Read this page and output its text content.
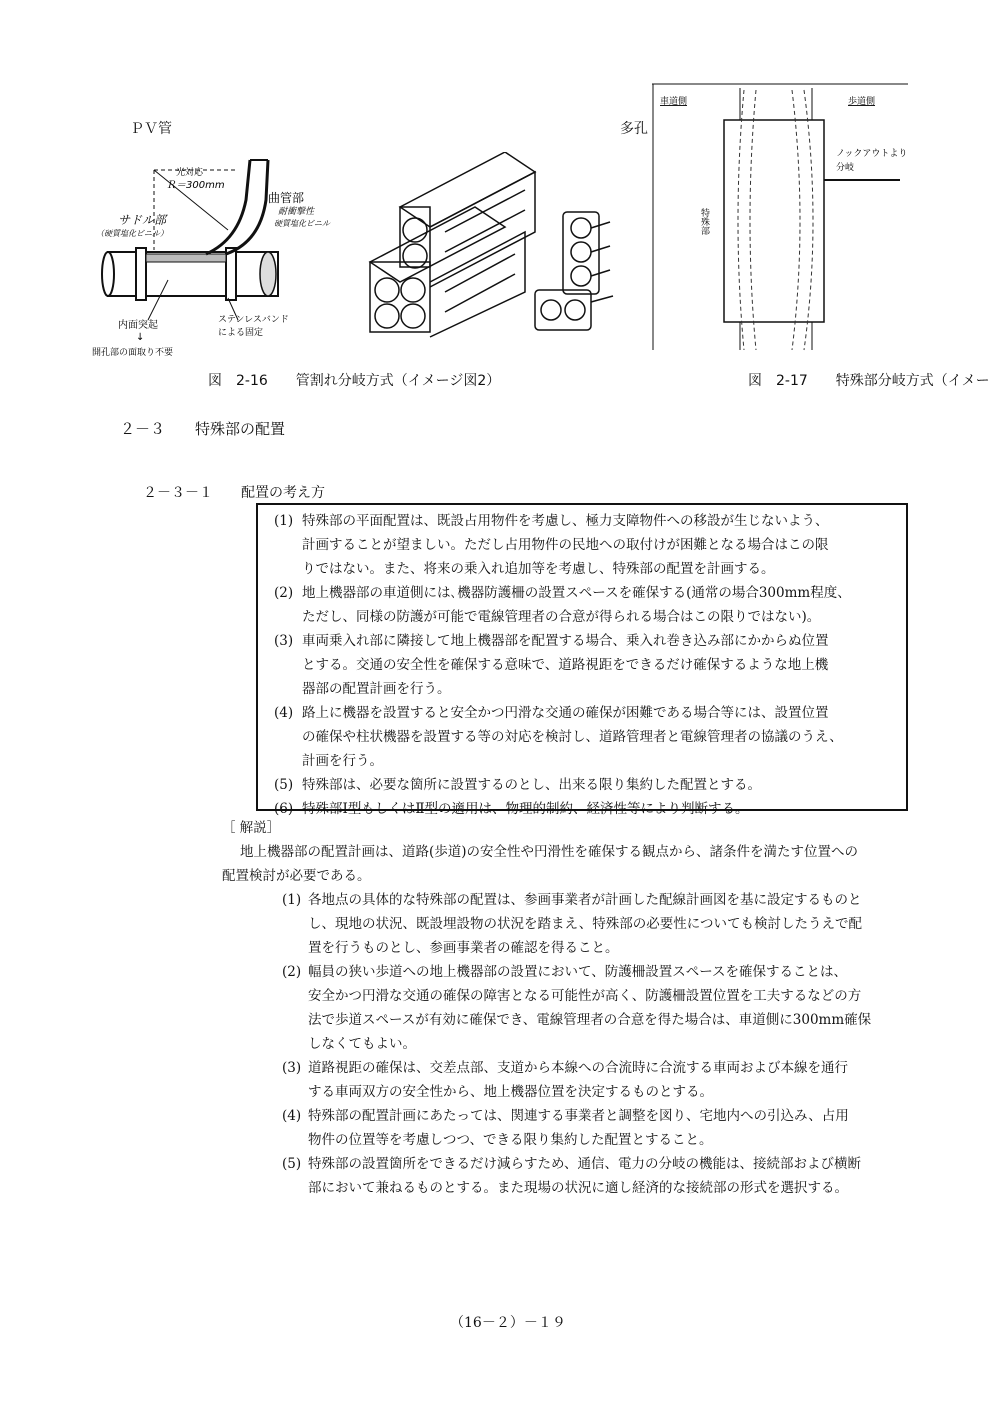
ＰＶ管	多孔
光対応
Ｒ＝300mm
曲管部
耐衝撃性
硬質塩化ビニル
サドル部
（硬質塩化ビニル）
内面突起
↓
開孔部の面取り不要
ステンレスバンド
による固定
車道側	歩道側
ノックアウトより
分岐
特殊部
図　2-16　　管割れ分岐方式（イメージ図2）	図　2-17　　特殊部分岐方式（イメー
２－３　　特殊部の配置
２－３－１　　配置の考え方
(1) 特殊部の平面配置は、既設占用物件を考慮し、極力支障物件への移設が生じないよう、
計画することが望ましい。ただし占用物件の民地への取付けが困難となる場合はこの限
りではない。また、将来の乗入れ追加等を考慮し、特殊部の配置を計画する。
(2) 地上機器部の車道側には､機器防護柵の設置スペースを確保する(通常の場合300mm程度、
ただし、同様の防護が可能で電線管理者の合意が得られる場合はこの限りではない)。
(3) 車両乗入れ部に隣接して地上機器部を配置する場合、乗入れ巻き込み部にかからぬ位置
とする。交通の安全性を確保する意味で、道路視距をできるだけ確保するような地上機
器部の配置計画を行う。
(4) 路上に機器を設置すると安全かつ円滑な交通の確保が困難である場合等には、設置位置
の確保や柱状機器を設置する等の対応を検討し、道路管理者と電線管理者の協議のうえ、
計画を行う。
(5) 特殊部は、必要な箇所に設置するのとし、出来る限り集約した配置とする。
(6) 特殊部Ⅰ型もしくはⅡ型の適用は、物理的制約、経済性等により判断する。
［ 解説］
地上機器部の配置計画は、道路(歩道)の安全性や円滑性を確保する観点から、諸条件を満たす位置への
配置検討が必要である。
(1) 各地点の具体的な特殊部の配置は、参画事業者が計画した配線計画図を基に設定するものと
し、現地の状況、既設埋設物の状況を踏まえ、特殊部の必要性についても検討したうえで配
置を行うものとし、参画事業者の確認を得ること。
(2) 幅員の狭い歩道への地上機器部の設置において、防護柵設置スペースを確保することは、
安全かつ円滑な交通の確保の障害となる可能性が高く、防護柵設置位置を工夫するなどの方
法で歩道スペースが有効に確保でき、電線管理者の合意を得た場合は、車道側に300mm確保
しなくてもよい。
(3) 道路視距の確保は、交差点部、支道から本線への合流時に合流する車両および本線を通行
する車両双方の安全性から、地上機器位置を決定するものとする。
(4) 特殊部の配置計画にあたっては、関連する事業者と調整を図り、宅地内への引込み、占用
物件の位置等を考慮しつつ、できる限り集約した配置とすること。
(5) 特殊部の設置箇所をできるだけ減らすため、通信、電力の分岐の機能は、接続部および横断
部において兼ねるものとする。また現場の状況に適し経済的な接続部の形式を選択する。
（16－２）－１９
